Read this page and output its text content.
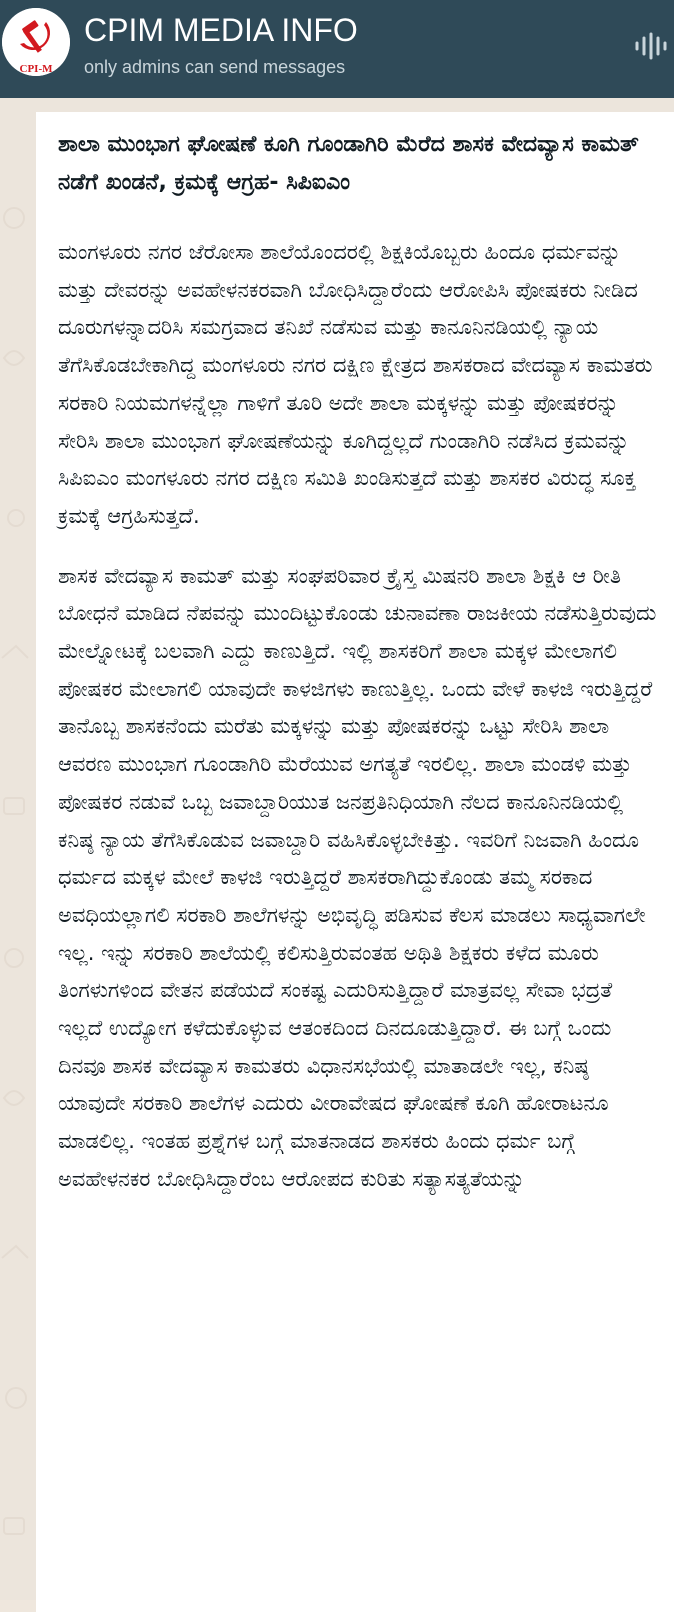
CPI-M
CPIM MEDIA INFO
only admins can send messages

ಶಾಲಾ ಮುಂಭಾಗ ಘೋಷಣೆ ಕೂಗಿ ಗೂಂಡಾಗಿರಿ ಮೆರೆದ ಶಾಸಕ ವೇದವ್ಯಾಸ ಕಾಮತ್ ನಡೆಗೆ ಖಂಡನೆ, ಕ್ರಮಕ್ಕೆ ಆಗ್ರಹ- ಸಿಪಿಐಎಂ

ಮಂಗಳೂರು ನಗರ ಜೆರೋಸಾ ಶಾಲೆಯೊಂದರಲ್ಲಿ ಶಿಕ್ಷಕಿಯೊಬ್ಬರು ಹಿಂದೂ ಧರ್ಮವನ್ನು ಮತ್ತು ದೇವರನ್ನು ಅವಹೇಳನಕರವಾಗಿ ಬೋಧಿಸಿದ್ದಾರೆಂದು ಆರೋಪಿಸಿ ಪೋಷಕರು ನೀಡಿದ ದೂರುಗಳನ್ನಾದರಿಸಿ ಸಮಗ್ರವಾದ ತನಿಖೆ ನಡೆಸುವ ಮತ್ತು ಕಾನೂನಿನಡಿಯಲ್ಲಿ ನ್ಯಾಯ ತೆಗೆಸಿಕೊಡಬೇಕಾಗಿದ್ದ ಮಂಗಳೂರು ನಗರ ದಕ್ಷಿಣ ಕ್ಷೇತ್ರದ ಶಾಸಕರಾದ ವೇದವ್ಯಾಸ ಕಾಮತರು ಸರಕಾರಿ ನಿಯಮಗಳನ್ನೆಲ್ಲಾ ಗಾಳಿಗೆ ತೂರಿ ಅದೇ ಶಾಲಾ ಮಕ್ಕಳನ್ನು ಮತ್ತು ಪೋಷಕರನ್ನು ಸೇರಿಸಿ ಶಾಲಾ ಮುಂಭಾಗ ಘೋಷಣೆಯನ್ನು ಕೂಗಿದ್ದಲ್ಲದೆ ಗುಂಡಾಗಿರಿ ನಡೆಸಿದ ಕ್ರಮವನ್ನು ಸಿಪಿಐಎಂ ಮಂಗಳೂರು ನಗರ ದಕ್ಷಿಣ ಸಮಿತಿ ಖಂಡಿಸುತ್ತದೆ ಮತ್ತು ಶಾಸಕರ ವಿರುದ್ಧ ಸೂಕ್ತ ಕ್ರಮಕ್ಕೆ ಆಗ್ರಹಿಸುತ್ತದೆ.

ಶಾಸಕ ವೇದವ್ಯಾಸ ಕಾಮತ್ ಮತ್ತು ಸಂಘಪರಿವಾರ ಕ್ರೈಸ್ತ ಮಿಷನರಿ ಶಾಲಾ ಶಿಕ್ಷಕಿ ಆ ರೀತಿ ಬೋಧನೆ ಮಾಡಿದ ನೆಪವನ್ನು ಮುಂದಿಟ್ಟುಕೊಂಡು ಚುನಾವಣಾ ರಾಜಕೀಯ ನಡೆಸುತ್ತಿರುವುದು ಮೇಲ್ನೋಟಕ್ಕೆ ಬಲವಾಗಿ ಎದ್ದು ಕಾಣುತ್ತಿದೆ. ಇಲ್ಲಿ ಶಾಸಕರಿಗೆ ಶಾಲಾ ಮಕ್ಕಳ ಮೇಲಾಗಲಿ ಪೋಷಕರ ಮೇಲಾಗಲಿ ಯಾವುದೇ ಕಾಳಜಿಗಳು ಕಾಣುತ್ತಿಲ್ಲ. ಒಂದು ವೇಳೆ ಕಾಳಜಿ ಇರುತ್ತಿದ್ದರೆ ತಾನೊಬ್ಬ ಶಾಸಕನೆಂದು ಮರೆತು ಮಕ್ಕಳನ್ನು ಮತ್ತು ಪೋಷಕರನ್ನು ಒಟ್ಟು ಸೇರಿಸಿ ಶಾಲಾ ಆವರಣ ಮುಂಭಾಗ ಗೂಂಡಾಗಿರಿ ಮೆರೆಯುವ ಅಗತ್ಯತೆ ಇರಲಿಲ್ಲ. ಶಾಲಾ ಮಂಡಳಿ ಮತ್ತು ಪೋಷಕರ ನಡುವೆ ಒಬ್ಬ ಜವಾಬ್ದಾರಿಯುತ ಜನಪ್ರತಿನಿಧಿಯಾಗಿ ನೆಲದ ಕಾನೂನಿನಡಿಯಲ್ಲಿ ಕನಿಷ್ಠ ನ್ಯಾಯ ತೆಗೆಸಿಕೊಡುವ ಜವಾಬ್ದಾರಿ ವಹಿಸಿಕೊಳ್ಳಬೇಕಿತ್ತು. ಇವರಿಗೆ ನಿಜವಾಗಿ ಹಿಂದೂ ಧರ್ಮದ ಮಕ್ಕಳ ಮೇಲೆ ಕಾಳಜಿ ಇರುತ್ತಿದ್ದರೆ ಶಾಸಕರಾಗಿದ್ದುಕೊಂಡು ತಮ್ಮ ಸರಕಾದ ಅವಧಿಯಲ್ಲಾಗಲಿ ಸರಕಾರಿ ಶಾಲೆಗಳನ್ನು ಅಭಿವೃದ್ಧಿ ಪಡಿಸುವ ಕೆಲಸ ಮಾಡಲು ಸಾಧ್ಯವಾಗಲೇ ಇಲ್ಲ. ಇನ್ನು ಸರಕಾರಿ ಶಾಲೆಯಲ್ಲಿ ಕಲಿಸುತ್ತಿರುವಂತಹ ಅಥಿತಿ ಶಿಕ್ಷಕರು ಕಳೆದ ಮೂರು ತಿಂಗಳುಗಳಿಂದ ವೇತನ ಪಡೆಯದೆ ಸಂಕಷ್ಟ ಎದುರಿಸುತ್ತಿದ್ದಾರೆ ಮಾತ್ರವಲ್ಲ ಸೇವಾ ಭದ್ರತೆ ಇಲ್ಲದೆ ಉದ್ಯೋಗ ಕಳೆದುಕೊಳ್ಳುವ ಆತಂಕದಿಂದ ದಿನದೂಡುತ್ತಿದ್ದಾರೆ. ಈ ಬಗ್ಗೆ ಒಂದು ದಿನವೂ ಶಾಸಕ ವೇದವ್ಯಾಸ ಕಾಮತರು ವಿಧಾನಸಭೆಯಲ್ಲಿ ಮಾತಾಡಲೇ ಇಲ್ಲ, ಕನಿಷ್ಠ ಯಾವುದೇ ಸರಕಾರಿ ಶಾಲೆಗಳ ಎದುರು ವೀರಾವೇಷದ ಘೋಷಣೆ ಕೂಗಿ ಹೋರಾಟನೂ ಮಾಡಲಿಲ್ಲ. ಇಂತಹ ಪ್ರಶ್ನೆಗಳ ಬಗ್ಗೆ ಮಾತನಾಡದ ಶಾಸಕರು ಹಿಂದು ಧರ್ಮ ಬಗ್ಗೆ ಅವಹೇಳನಕರ ಬೋಧಿಸಿದ್ದಾರೆಂಬ ಆರೋಪದ ಕುರಿತು ಸತ್ಯಾಸತ್ಯತೆಯನ್ನು
